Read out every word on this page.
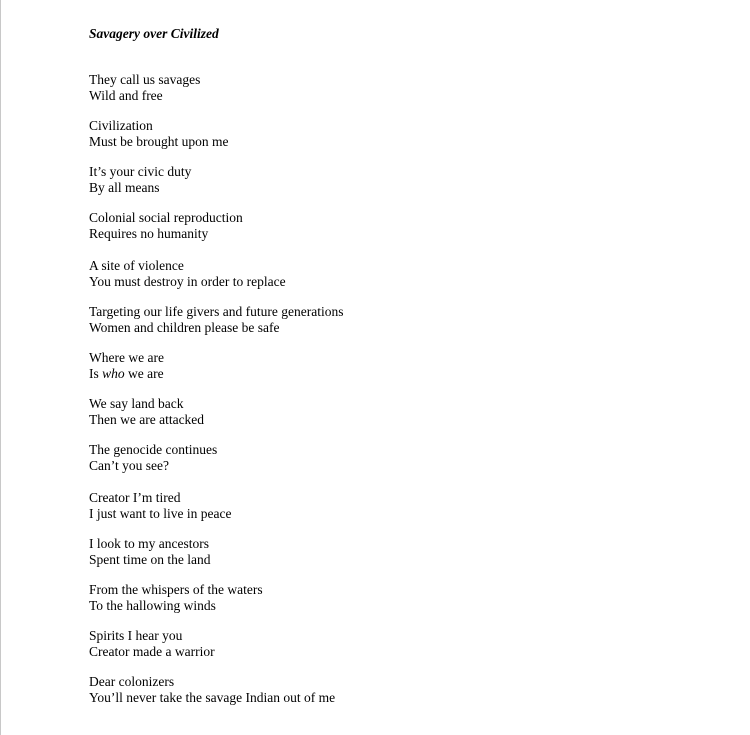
Savagery over Civilized

They call us savages
Wild and free

Civilization
Must be brought upon me

It’s your civic duty
By all means

Colonial social reproduction
Requires no humanity

A site of violence
You must destroy in order to replace

Targeting our life givers and future generations
Women and children please be safe

Where we are
Is who we are

We say land back
Then we are attacked

The genocide continues
Can’t you see?

Creator I’m tired
I just want to live in peace

I look to my ancestors
Spent time on the land

From the whispers of the waters
To the hallowing winds

Spirits I hear you
Creator made a warrior

Dear colonizers
You’ll never take the savage Indian out of me
